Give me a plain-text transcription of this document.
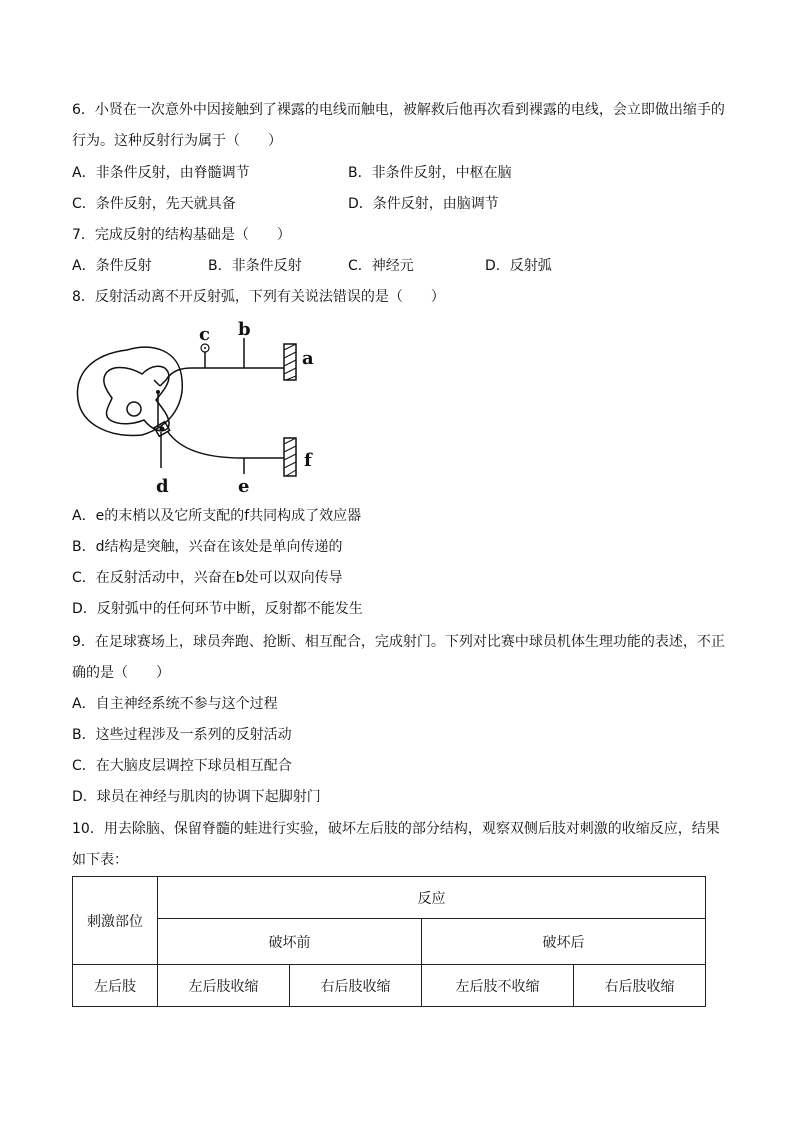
6．小贤在一次意外中因接触到了裸露的电线而触电，被解救后他再次看到裸露的电线，会立即做出缩手的
行为。这种反射行为属于（　　）
A．非条件反射，由脊髓调节	B．非条件反射，中枢在脑
C．条件反射，先天就具备	D．条件反射，由脑调节
7．完成反射的结构基础是（　　）
A．条件反射	B．非条件反射	C．神经元	D．反射弧
8．反射活动离不开反射弧，下列有关说法错误的是（　　）
c b
a
f
d	e
A．e的末梢以及它所支配的f共同构成了效应器
B．d结构是突触，兴奋在该处是单向传递的
C．在反射活动中，兴奋在b处可以双向传导
D．反射弧中的任何环节中断，反射都不能发生
9．在足球赛场上，球员奔跑、抢断、相互配合，完成射门。下列对比赛中球员机体生理功能的表述，不正
确的是（　　）
A．自主神经系统不参与这个过程
B．这些过程涉及一系列的反射活动
C．在大脑皮层调控下球员相互配合
D．球员在神经与肌肉的协调下起脚射门
10．用去除脑、保留脊髓的蛙进行实验，破坏左后肢的部分结构，观察双侧后肢对刺激的收缩反应，结果
如下表：
刺激部位	反应			
	破坏前		破坏后	
左后肢	左后肢收缩	右后肢收缩	左后肢不收缩	右后肢收缩
